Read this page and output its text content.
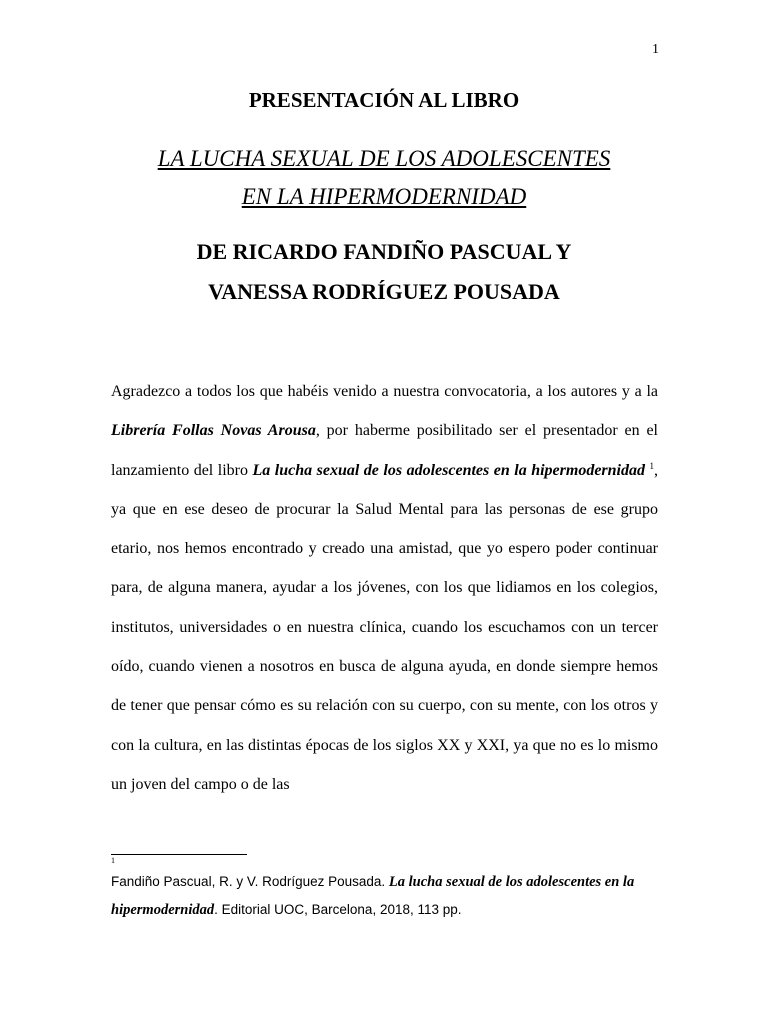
1
PRESENTACIÓN AL LIBRO
LA LUCHA SEXUAL DE LOS ADOLESCENTES
EN LA HIPERMODERNIDAD
DE RICARDO FANDIÑO PASCUAL Y
VANESSA RODRÍGUEZ POUSADA

Agradezco a todos los que habéis venido a nuestra convocatoria, a los autores y a la Librería Follas Novas Arousa, por haberme posibilitado ser el presentador en el lanzamiento del libro La lucha sexual de los adolescentes en la hipermodernidad $^1$, ya que en ese deseo de procurar la Salud Mental para las personas de ese grupo etario, nos hemos encontrado y creado una amistad, que yo espero poder continuar para, de alguna manera, ayudar a los jóvenes, con los que lidiamos en los colegios, institutos, universidades o en nuestra clínica, cuando los escuchamos con un tercer oído, cuando vienen a nosotros en busca de alguna ayuda, en donde siempre hemos de tener que pensar cómo es su relación con su cuerpo, con su mente, con los otros y con la cultura, en las distintas épocas de los siglos XX y XXI, ya que no es lo mismo un joven del campo o de las

1
Fandiño Pascual, R. y V. Rodríguez Pousada. La lucha sexual de los adolescentes en la hipermodernidad. Editorial UOC, Barcelona, 2018, 113 pp.
